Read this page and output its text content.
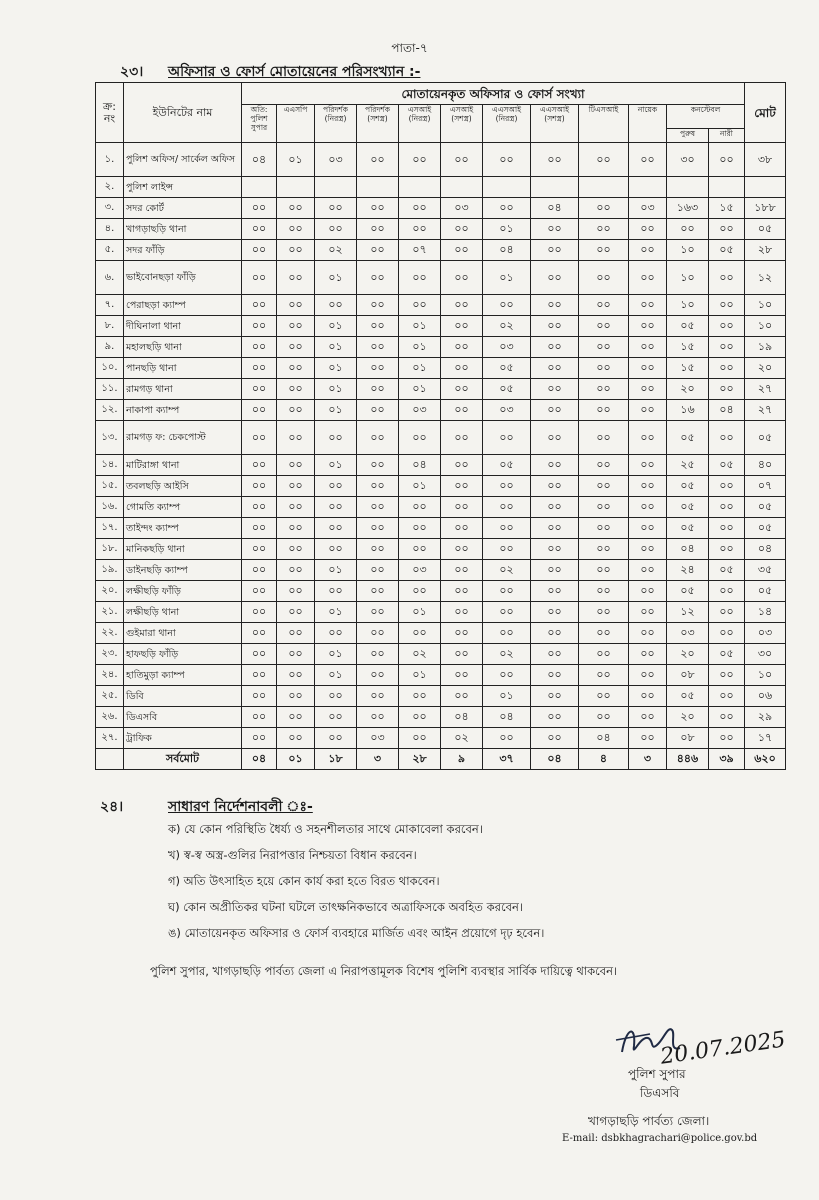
পাতা-৭
২৩। অফিসার ও ফোর্স মোতায়েনের পরিসংখ্যান :-
ক্র: নং	ইউনিটের নাম	মোতায়েনকৃত অফিসার ও ফোর্স সংখ্যা												মোট
		অতি: পুলিশ সুপার	এএসপি	পরিদর্শক (নিরস্ত্র)	পরিদর্শক (সশস্ত্র)	এসআই (নিরস্ত্র)	এসআই (সশস্ত্র)	এএসআই (নিরস্ত্র)	এএসআই (সশস্ত্র)	টিএসআই	নায়েক	কনস্টেবল		
												পুরুষ	নারী	
১.	পুলিশ অফিস/ সার্কেল অফিস	০৪	০১	০৩	০০	০০	০০	০০	০০	০০	০০	৩০	০০	৩৮
২.	পুলিশ লাইন্স													
৩.	সদর কোর্ট	০০	০০	০০	০০	০০	০৩	০০	০৪	০০	০৩	১৬৩	১৫	১৮৮
৪.	খাগড়াছড়ি থানা	০০	০০	০০	০০	০০	০০	০১	০০	০০	০০	০০	০০	০৫
৫.	সদর ফাঁড়ি	০০	০০	০২	০০	০৭	০০	০৪	০০	০০	০০	১০	০৫	২৮
৬.	ভাইবোনছড়া ফাঁড়ি	০০	০০	০১	০০	০০	০০	০১	০০	০০	০০	১০	০০	১২
৭.	পেরাছড়া ক্যাম্প	০০	০০	০০	০০	০০	০০	০০	০০	০০	০০	১০	০০	১০
৮.	দীঘিনালা থানা	০০	০০	০১	০০	০১	০০	০২	০০	০০	০০	০৫	০০	১০
৯.	মহালছড়ি থানা	০০	০০	০১	০০	০১	০০	০৩	০০	০০	০০	১৫	০০	১৯
১০.	পানছড়ি থানা	০০	০০	০১	০০	০১	০০	০৫	০০	০০	০০	১৫	০০	২০
১১.	রামগড় থানা	০০	০০	০১	০০	০১	০০	০৫	০০	০০	০০	২০	০০	২৭
১২.	নাকাপা ক্যাম্প	০০	০০	০১	০০	০৩	০০	০৩	০০	০০	০০	১৬	০৪	২৭
১৩.	রামগড় ফ: চেকপোস্ট	০০	০০	০০	০০	০০	০০	০০	০০	০০	০০	০৫	০০	০৫
১৪.	মাটিরাঙ্গা থানা	০০	০০	০১	০০	০৪	০০	০৫	০০	০০	০০	২৫	০৫	৪০
১৫.	তবলছড়ি আইসি	০০	০০	০০	০০	০১	০০	০০	০০	০০	০০	০৫	০০	০৭
১৬.	গোমতি ক্যাম্প	০০	০০	০০	০০	০০	০০	০০	০০	০০	০০	০৫	০০	০৫
১৭.	তাইন্দং ক্যাম্প	০০	০০	০০	০০	০০	০০	০০	০০	০০	০০	০৫	০০	০৫
১৮.	মানিকছড়ি থানা	০০	০০	০০	০০	০০	০০	০০	০০	০০	০০	০৪	০০	০৪
১৯.	ডাইনছড়ি ক্যাম্প	০০	০০	০১	০০	০৩	০০	০২	০০	০০	০০	২৪	০৫	৩৫
২০.	লক্ষীছড়ি ফাঁড়ি	০০	০০	০০	০০	০০	০০	০০	০০	০০	০০	০৫	০০	০৫
২১.	লক্ষীছড়ি থানা	০০	০০	০১	০০	০১	০০	০০	০০	০০	০০	১২	০০	১৪
২২.	গুইমারা থানা	০০	০০	০০	০০	০০	০০	০০	০০	০০	০০	০৩	০০	০৩
২৩.	হাফছড়ি ফাঁড়ি	০০	০০	০১	০০	০২	০০	০২	০০	০০	০০	২০	০৫	৩০
২৪.	হাতিমুড়া ক্যাম্প	০০	০০	০১	০০	০১	০০	০০	০০	০০	০০	০৮	০০	১০
২৫.	ডিবি	০০	০০	০০	০০	০০	০০	০১	০০	০০	০০	০৫	০০	০৬
২৬.	ডিএসবি	০০	০০	০০	০০	০০	০৪	০৪	০০	০০	০০	২০	০০	২৯
২৭.	ট্রাফিক	০০	০০	০০	০৩	০০	০২	০০	০০	০৪	০০	০৮	০০	১৭
	সর্বমোট	০৪	০১	১৮	৩	২৮	৯	৩৭	০৪	৪	৩	৪৪৬	৩৯	৬২০
২৪।	সাধারণ নির্দেশনাবলী ঃ-
ক) যে কোন পরিস্থিতি ধৈর্য্য ও সহনশীলতার সাথে মোকাবেলা করবেন।
খ) স্ব-স্ব অস্ত্র-গুলির নিরাপত্তার নিশ্চয়তা বিধান করবেন।
গ) অতি উৎসাহিত হয়ে কোন কার্য করা হতে বিরত থাকবেন।
ঘ) কোন অপ্রীতিকর ঘটনা ঘটলে তাৎক্ষনিকভাবে অত্রাফিসকে অবহিত করবেন।
ঙ) মোতায়েনকৃত অফিসার ও ফোর্স ব্যবহারে মার্জিত এবং আইন প্রয়োগে দৃঢ় হবেন।
পুলিশ সুপার, খাগড়াছড়ি পার্বত্য জেলা এ নিরাপত্তামূলক বিশেষ পুলিশি ব্যবস্থার সার্বিক দায়িত্বে থাকবেন।
20.07.2025
পুলিশ সুপার
ডিএসবি
খাগড়াছড়ি পার্বত্য জেলা।
E-mail: dsbkhagrachari@police.gov.bd
